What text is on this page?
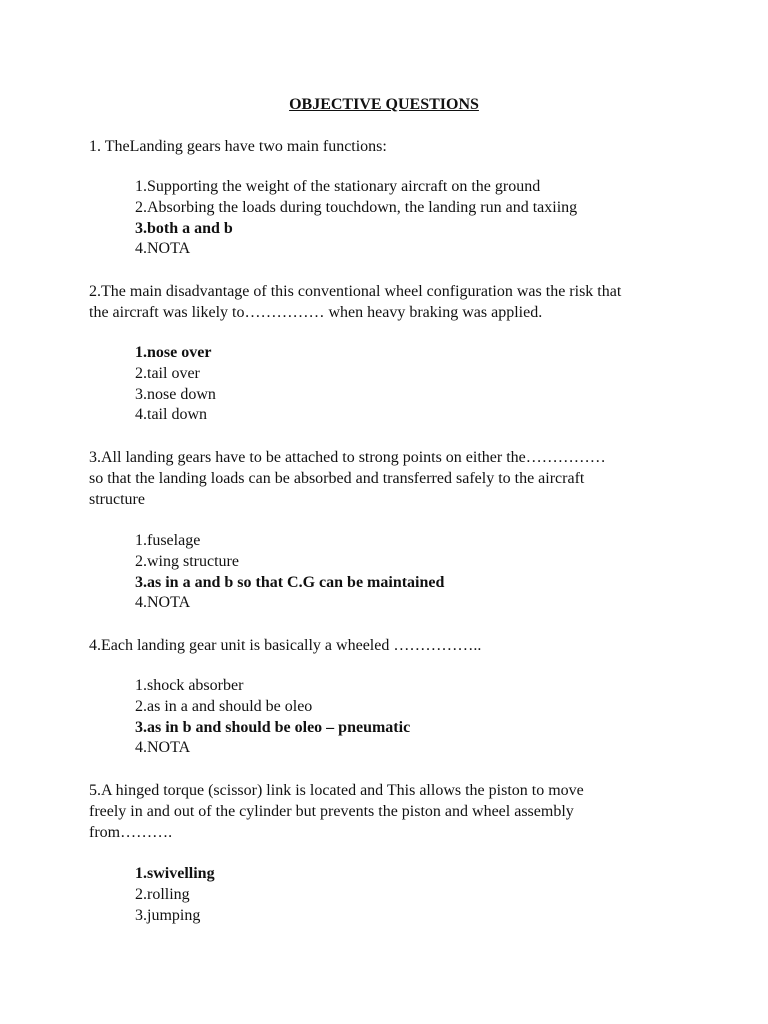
OBJECTIVE QUESTIONS
1. TheLanding gears have two main functions:
1.Supporting the weight of the stationary aircraft on the ground
2.Absorbing the loads during touchdown, the landing run and taxiing
3.both a and b
4.NOTA
2.The main disadvantage of this conventional wheel configuration was the risk that
the aircraft was likely to…………… when heavy braking was applied.
1.nose over
2.tail over
3.nose down
4.tail down
3.All landing gears have to be attached to strong points on either the……………
so that the landing loads can be absorbed and transferred safely to the aircraft
structure
1.fuselage
2.wing structure
3.as in a and b so that C.G can be maintained
4.NOTA
4.Each landing gear unit is basically a wheeled ……………..
1.shock absorber
2.as in a and should be oleo
3.as in b and should be oleo – pneumatic
4.NOTA
5.A hinged torque (scissor) link is located and This allows the piston to move
freely in and out of the cylinder but prevents the piston and wheel assembly
from……….
1.swivelling
2.rolling
3.jumping
